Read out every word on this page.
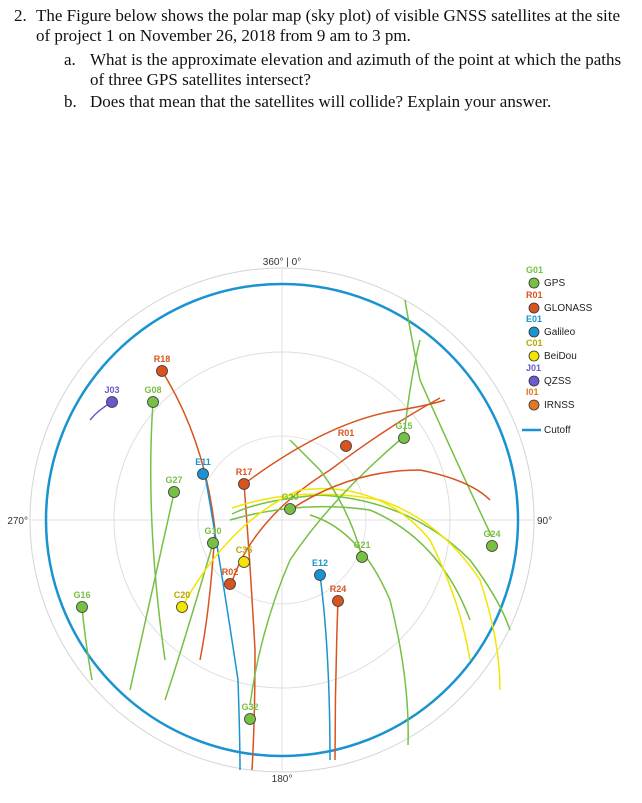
2. The Figure below shows the polar map (sky plot) of visible GNSS satellites at the site of project 1 on November 26, 2018 from 9 am to 3 pm.
a. What is the approximate elevation and azimuth of the point at which the paths of three GPS satellites intersect?
b. Does that mean that the satellites will collide? Explain your answer.
360° | 0°
90°
180°
270°
R18
J03	G08
R01
G15
E11
G27
R17
G20
G24
G10
G21
C35
R02
E12
R24
G16	C20
G32
G01
GPS
R01
GLONASS
E01
Galileo
C01
BeiDou
J01
QZSS
I01
IRNSS
Cutoff
